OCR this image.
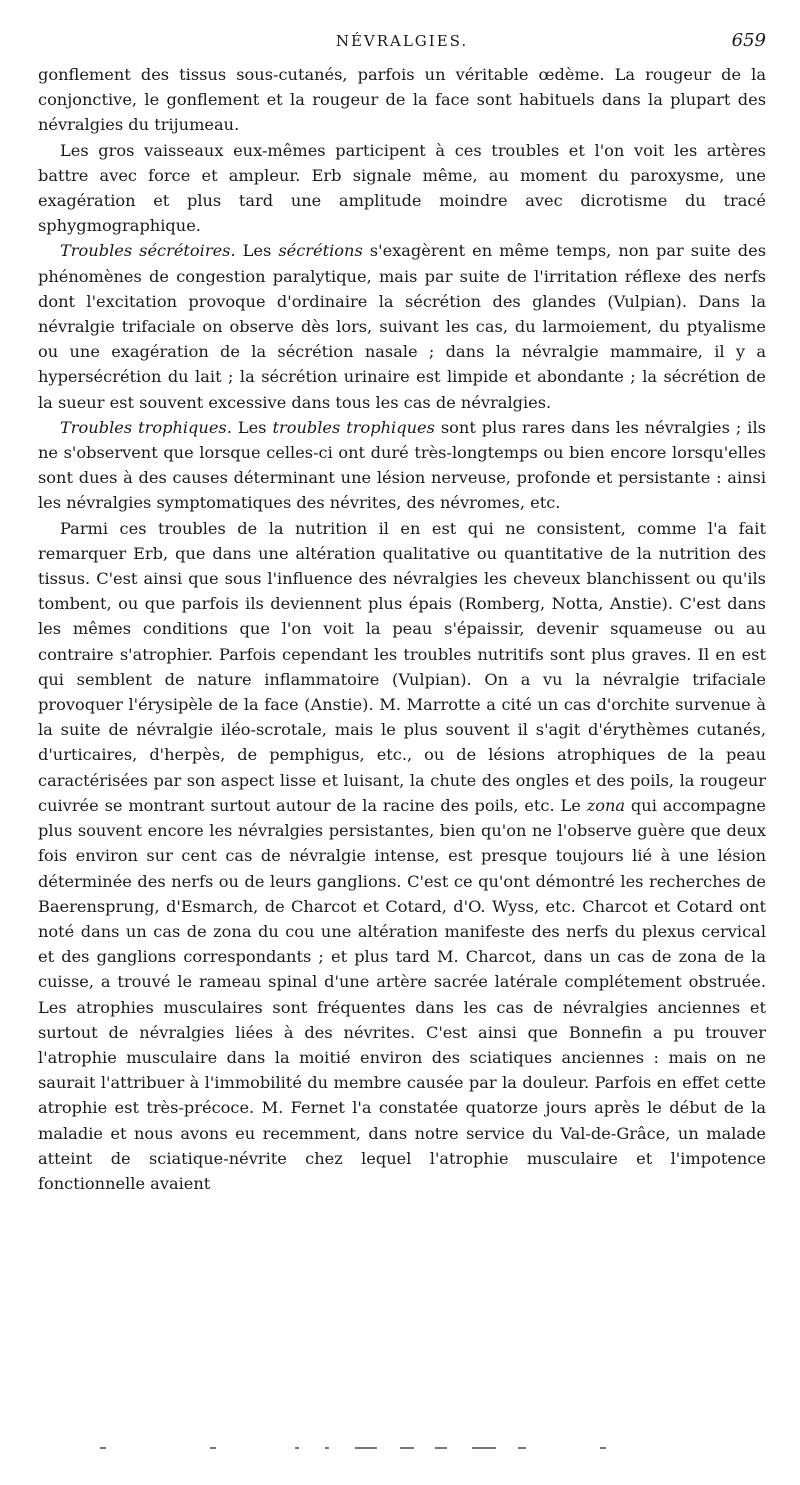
NÉVRALGIES.	659

gonflement des tissus sous-cutanés, parfois un véritable œdème. La rougeur de la conjonctive, le gonflement et la rougeur de la face sont habituels dans la plupart des névralgies du trijumeau.

Les gros vaisseaux eux-mêmes participent à ces troubles et l'on voit les artères battre avec force et ampleur. Erb signale même, au moment du paroxysme, une exagération et plus tard une amplitude moindre avec dicrotisme du tracé sphygmographique.

Troubles sécrétoires. Les sécrétions s'exagèrent en même temps, non par suite des phénomènes de congestion paralytique, mais par suite de l'irritation réflexe des nerfs dont l'excitation provoque d'ordinaire la sécrétion des glandes (Vulpian). Dans la névralgie trifaciale on observe dès lors, suivant les cas, du larmoiement, du ptyalisme ou une exagération de la sécrétion nasale ; dans la névralgie mammaire, il y a hypersécrétion du lait ; la sécrétion urinaire est limpide et abondante ; la sécrétion de la sueur est souvent excessive dans tous les cas de névralgies.

Troubles trophiques. Les troubles trophiques sont plus rares dans les névralgies ; ils ne s'observent que lorsque celles-ci ont duré très-longtemps ou bien encore lorsqu'elles sont dues à des causes déterminant une lésion nerveuse, profonde et persistante : ainsi les névralgies symptomatiques des névrites, des névromes, etc.

Parmi ces troubles de la nutrition il en est qui ne consistent, comme l'a fait remarquer Erb, que dans une altération qualitative ou quantitative de la nutrition des tissus. C'est ainsi que sous l'influence des névralgies les cheveux blanchissent ou qu'ils tombent, ou que parfois ils deviennent plus épais (Romberg, Notta, Anstie). C'est dans les mêmes conditions que l'on voit la peau s'épaissir, devenir squameuse ou au contraire s'atrophier. Parfois cependant les troubles nutritifs sont plus graves. Il en est qui semblent de nature inflammatoire (Vulpian). On a vu la névralgie trifaciale provoquer l'érysipèle de la face (Anstie). M. Marrotte a cité un cas d'orchite survenue à la suite de névralgie iléo-scrotale, mais le plus souvent il s'agit d'érythèmes cutanés, d'urticaires, d'herpès, de pemphigus, etc., ou de lésions atrophiques de la peau caractérisées par son aspect lisse et luisant, la chute des ongles et des poils, la rougeur cuivrée se montrant surtout autour de la racine des poils, etc. Le zona qui accompagne plus souvent encore les névralgies persistantes, bien qu'on ne l'observe guère que deux fois environ sur cent cas de névralgie intense, est presque toujours lié à une lésion déterminée des nerfs ou de leurs ganglions. C'est ce qu'ont démontré les recherches de Baerensprung, d'Esmarch, de Charcot et Cotard, d'O. Wyss, etc. Charcot et Cotard ont noté dans un cas de zona du cou une altération manifeste des nerfs du plexus cervical et des ganglions correspondants ; et plus tard M. Charcot, dans un cas de zona de la cuisse, a trouvé le rameau spinal d'une artère sacrée latérale complétement obstruée. Les atrophies musculaires sont fréquentes dans les cas de névralgies anciennes et surtout de névralgies liées à des névrites. C'est ainsi que Bonnefin a pu trouver l'atrophie musculaire dans la moitié environ des sciatiques anciennes : mais on ne saurait l'attribuer à l'immobilité du membre causée par la douleur. Parfois en effet cette atrophie est très-précoce. M. Fernet l'a constatée quatorze jours après le début de la maladie et nous avons eu recemment, dans notre service du Val-de-Grâce, un malade atteint de sciatique-névrite chez lequel l'atrophie musculaire et l'impotence fonctionnelle avaient
